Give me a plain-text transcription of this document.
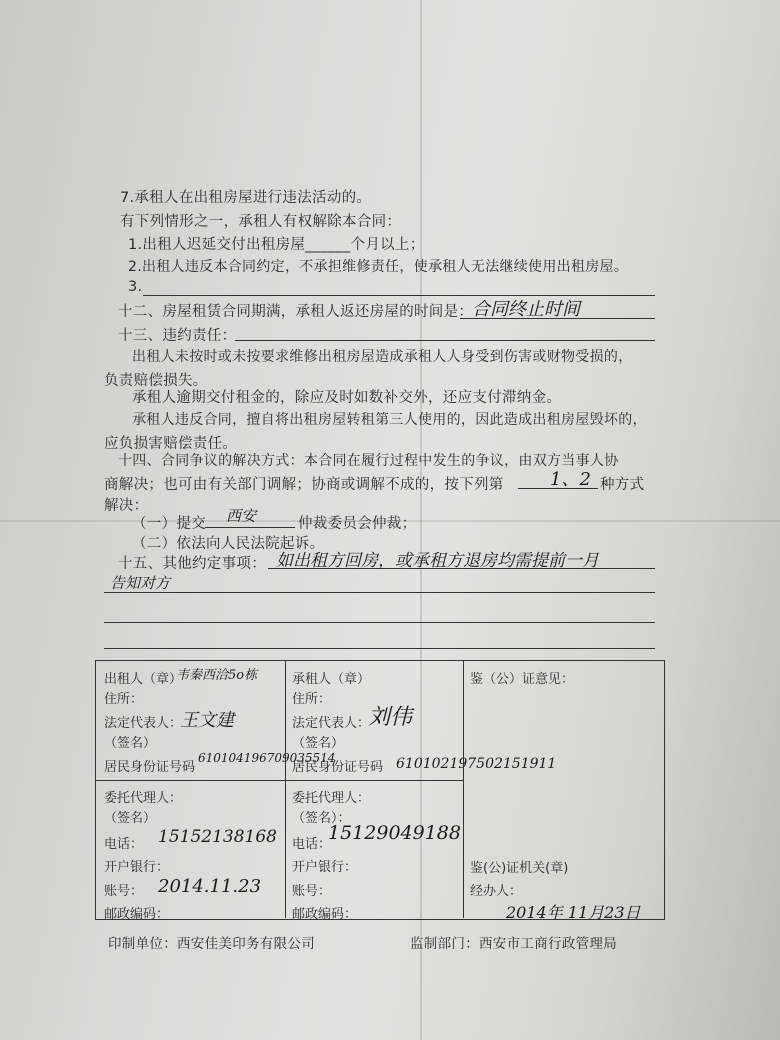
7.承租人在出租房屋进行违法活动的。
有下列情形之一，承租人有权解除本合同：
1.出租人迟延交付出租房屋______个月以上；
2.出租人违反本合同约定，不承担维修责任，使承租人无法继续使用出租房屋。
3.
十二、房屋租赁合同期满，承租人返还房屋的时间是：
合同终止时间
十三、违约责任：
出租人未按时或未按要求维修出租房屋造成承租人人身受到伤害或财物受损的，
负责赔偿损失。
承租人逾期交付租金的，除应及时如数补交外，还应支付滞纳金。
承租人违反合同，擅自将出租房屋转租第三人使用的，因此造成出租房屋毁坏的，
应负损害赔偿责任。
十四、合同争议的解决方式：本合同在履行过程中发生的争议，由双方当事人协
商解决；也可由有关部门调解；协商或调解不成的，按下列第	1、2 种方式
解决：
（一）提交 西安	仲裁委员会仲裁；
（二）依法向人民法院起诉。
十五、其他约定事项： 如出租方回房，或承租方退房均需提前一月
告知对方
出租人（章）
韦秦西洽5o栋
住所：
法定代表人：
王文建
（签名）
居民身份证号码
610104196709035514
委托代理人：
（签名）
电话： 15152138168
开户银行：
账号： 2014.11.23
邮政编码：
承租人（章）
住所：
法定代表人：
刘伟
（签名）
居民身份证号码 610102197502151911
委托代理人：
（签名）：
电话：
15129049188
开户银行：
账号：
邮政编码：
鉴（公）证意见：
鉴(公)证机关(章)
经办人：
2014年 11月23日
印制单位：西安佳美印务有限公司	监制部门：西安市工商行政管理局
